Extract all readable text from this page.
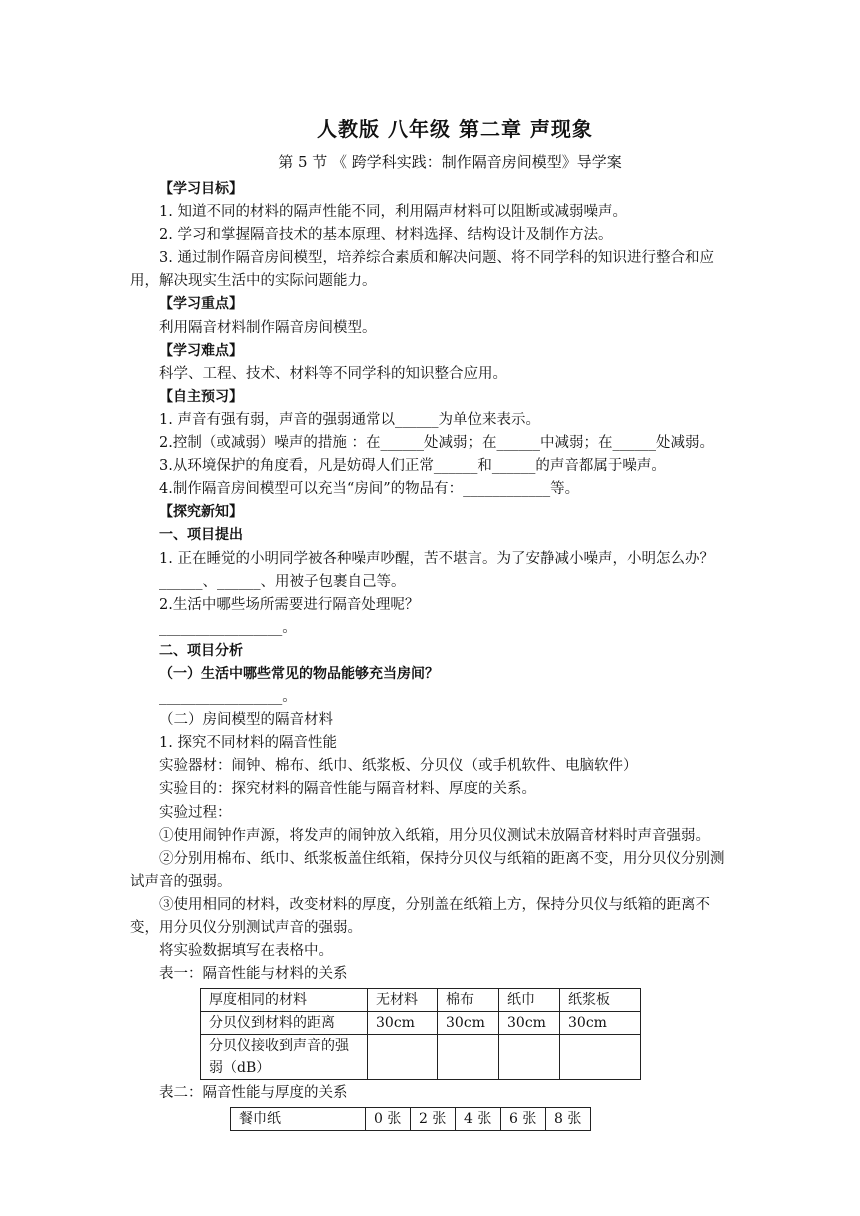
人教版 八年级 第二章 声现象
第 5 节 《 跨学科实践：制作隔音房间模型》导学案

【学习目标】

1. 知道不同的材料的隔声性能不同，利用隔声材料可以阻断或减弱噪声。

2. 学习和掌握隔音技术的基本原理、材料选择、结构设计及制作方法。

3. 通过制作隔音房间模型，培养综合素质和解决问题、将不同学科的知识进行整合和应用，解决现实生活中的实际问题能力。

【学习重点】

利用隔音材料制作隔音房间模型。

【学习难点】

科学、工程、技术、材料等不同学科的知识整合应用。

【自主预习】

1. 声音有强有弱，声音的强弱通常以______为单位来表示。

2.控制（或减弱）噪声的措施 ：在______处减弱；在______中减弱；在______处减弱。

3.从环境保护的角度看，凡是妨碍人们正常______和______的声音都属于噪声。

4.制作隔音房间模型可以充当“房间”的物品有：____________等。

【探究新知】

一、项目提出

1. 正在睡觉的小明同学被各种噪声吵醒，苦不堪言。为了安静减小噪声，小明怎么办？

______、______、用被子包裹自己等。

2.生活中哪些场所需要进行隔音处理呢？

_________________。

二、项目分析

（一）生活中哪些常见的物品能够充当房间？

_________________。

（二）房间模型的隔音材料

1. 探究不同材料的隔音性能

实验器材：闹钟、棉布、纸巾、纸浆板、分贝仪（或手机软件、电脑软件）

实验目的：探究材料的隔音性能与隔音材料、厚度的关系。

实验过程：

①使用闹钟作声源，将发声的闹钟放入纸箱，用分贝仪测试未放隔音材料时声音强弱。

②分别用棉布、纸巾、纸浆板盖住纸箱，保持分贝仪与纸箱的距离不变，用分贝仪分别测试声音的强弱。

③使用相同的材料，改变材料的厚度，分别盖在纸箱上方，保持分贝仪与纸箱的距离不变，用分贝仪分别测试声音的强弱。

将实验数据填写在表格中。

表一：隔音性能与材料的关系

厚度相同的材料	无材料	棉布	纸巾	纸浆板
分贝仪到材料的距离	30cm	30cm	30cm	30cm
分贝仪接收到声音的强弱（dB）				

表二：隔音性能与厚度的关系

餐巾纸	0 张	2 张	4 张	6 张	8 张
